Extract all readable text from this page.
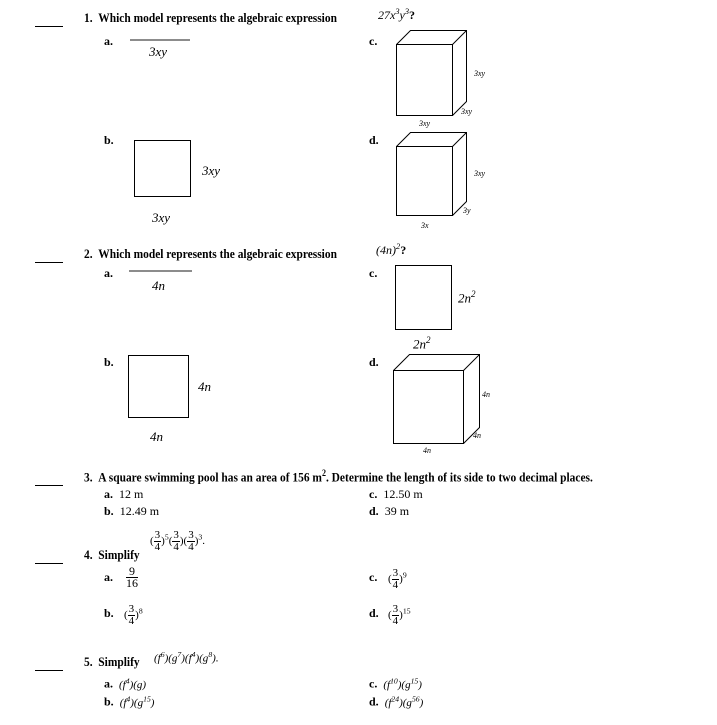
1. Which model represents the algebraic expression	$27x^3y^3$?
a.
3xy
b.
3xy
3xy
c.
3xy
3xy
3xy
d.
3xy
3y
3x
2. Which model represents the algebraic expression	$(4n)^2$?
a.
4n
b.
4n
4n
c.
$2n^2$
$2n^2$
d.
4n
4n
4n
3. A square swimming pool has an area of 156 $m^2$. Determine the length of its side to two decimal places.
a. 12 m
b. 12.49 m
c. 12.50 m
d. 39 m
4. Simplify
( $\frac{3}{4} )^5( \frac{3}{4}$ )( $\frac{3}{4} )^3$.
a. $\frac{9}{16}$
b. ( $\frac{3}{4} )^8$
c. ( $\frac{3}{4} )^9$
d. ( $\frac{3}{4} )^{15}$
5. Simplify $(f^6)(g^7)(f^4)(g^8)$.
a. $(f^4)(g)$
b. $(f^4)(g^{15})$
c. $(f^{10})(g^{15})$
d. $(f^{24})(g^{56})$
